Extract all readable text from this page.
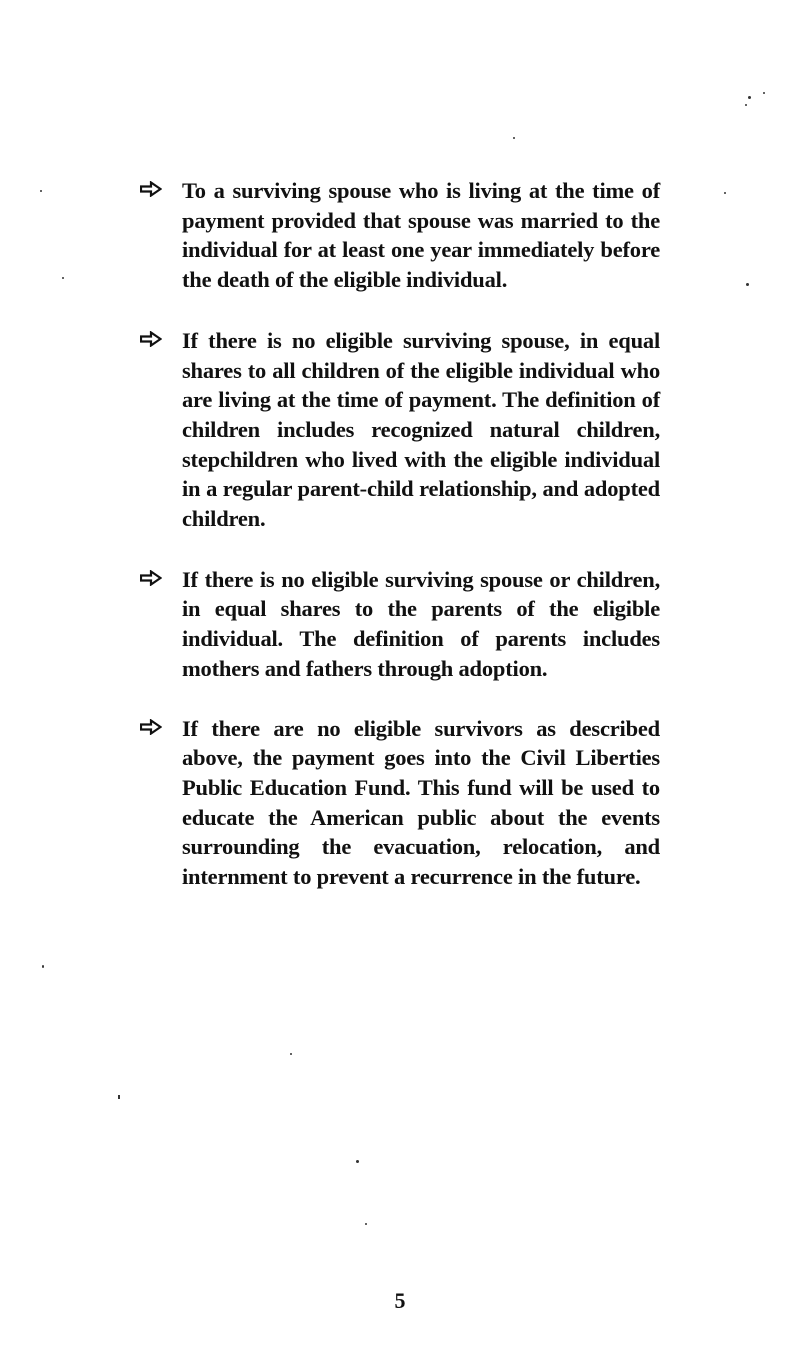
To a surviving spouse who is living at the time of payment provided that spouse was married to the individual for at least one year immediately before the death of the eligible individual.
If there is no eligible surviving spouse, in equal shares to all children of the eligible individual who are living at the time of payment. The definition of children includes recognized natural children, stepchildren who lived with the eligible individual in a regular parent-child relationship, and adopted children.
If there is no eligible surviving spouse or children, in equal shares to the parents of the eligible individual. The definition of parents includes mothers and fathers through adoption.
If there are no eligible survivors as described above, the payment goes into the Civil Liberties Public Education Fund. This fund will be used to educate the American public about the events surrounding the evacuation, relocation, and internment to prevent a recurrence in the future.
5
